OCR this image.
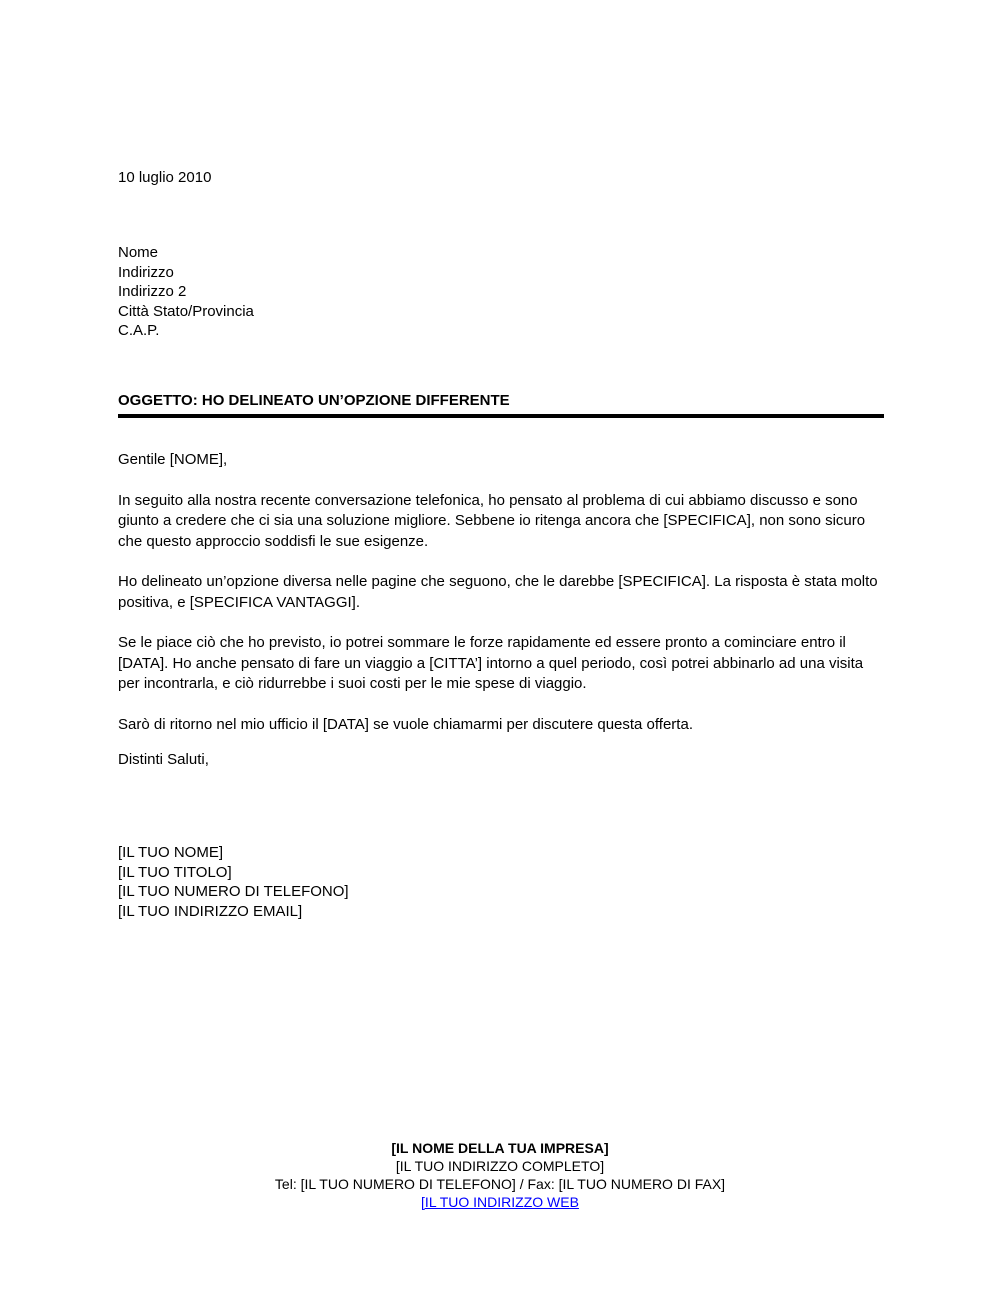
10 luglio 2010
Nome
Indirizzo
Indirizzo 2
Città Stato/Provincia
C.A.P.
OGGETTO: HO DELINEATO UN’OPZIONE DIFFERENTE

Gentile [NOME],

In seguito alla nostra recente conversazione telefonica, ho pensato al problema di cui abbiamo discusso e sono giunto a credere che ci sia una soluzione migliore. Sebbene io ritenga ancora che [SPECIFICA], non sono sicuro che questo approccio soddisfi le sue esigenze.

Ho delineato un’opzione diversa nelle pagine che seguono, che le darebbe [SPECIFICA]. La risposta è stata molto positiva, e [SPECIFICA VANTAGGI].

Se le piace ciò che ho previsto, io potrei sommare le forze rapidamente ed essere pronto a cominciare entro il [DATA]. Ho anche pensato di fare un viaggio a [CITTA’] intorno a quel periodo, così potrei abbinarlo ad una visita per incontrarla, e ciò ridurrebbe i suoi costi per le mie spese di viaggio.

Sarò di ritorno nel mio ufficio il [DATA] se vuole chiamarmi per discutere questa offerta.

Distinti Saluti,
[IL TUO NOME]
[IL TUO TITOLO]
[IL TUO NUMERO DI TELEFONO]
[IL TUO INDIRIZZO EMAIL]
[IL NOME DELLA TUA IMPRESA]
[IL TUO INDIRIZZO COMPLETO]
Tel: [IL TUO NUMERO DI TELEFONO] / Fax: [IL TUO NUMERO DI FAX]
[IL TUO INDIRIZZO WEB
